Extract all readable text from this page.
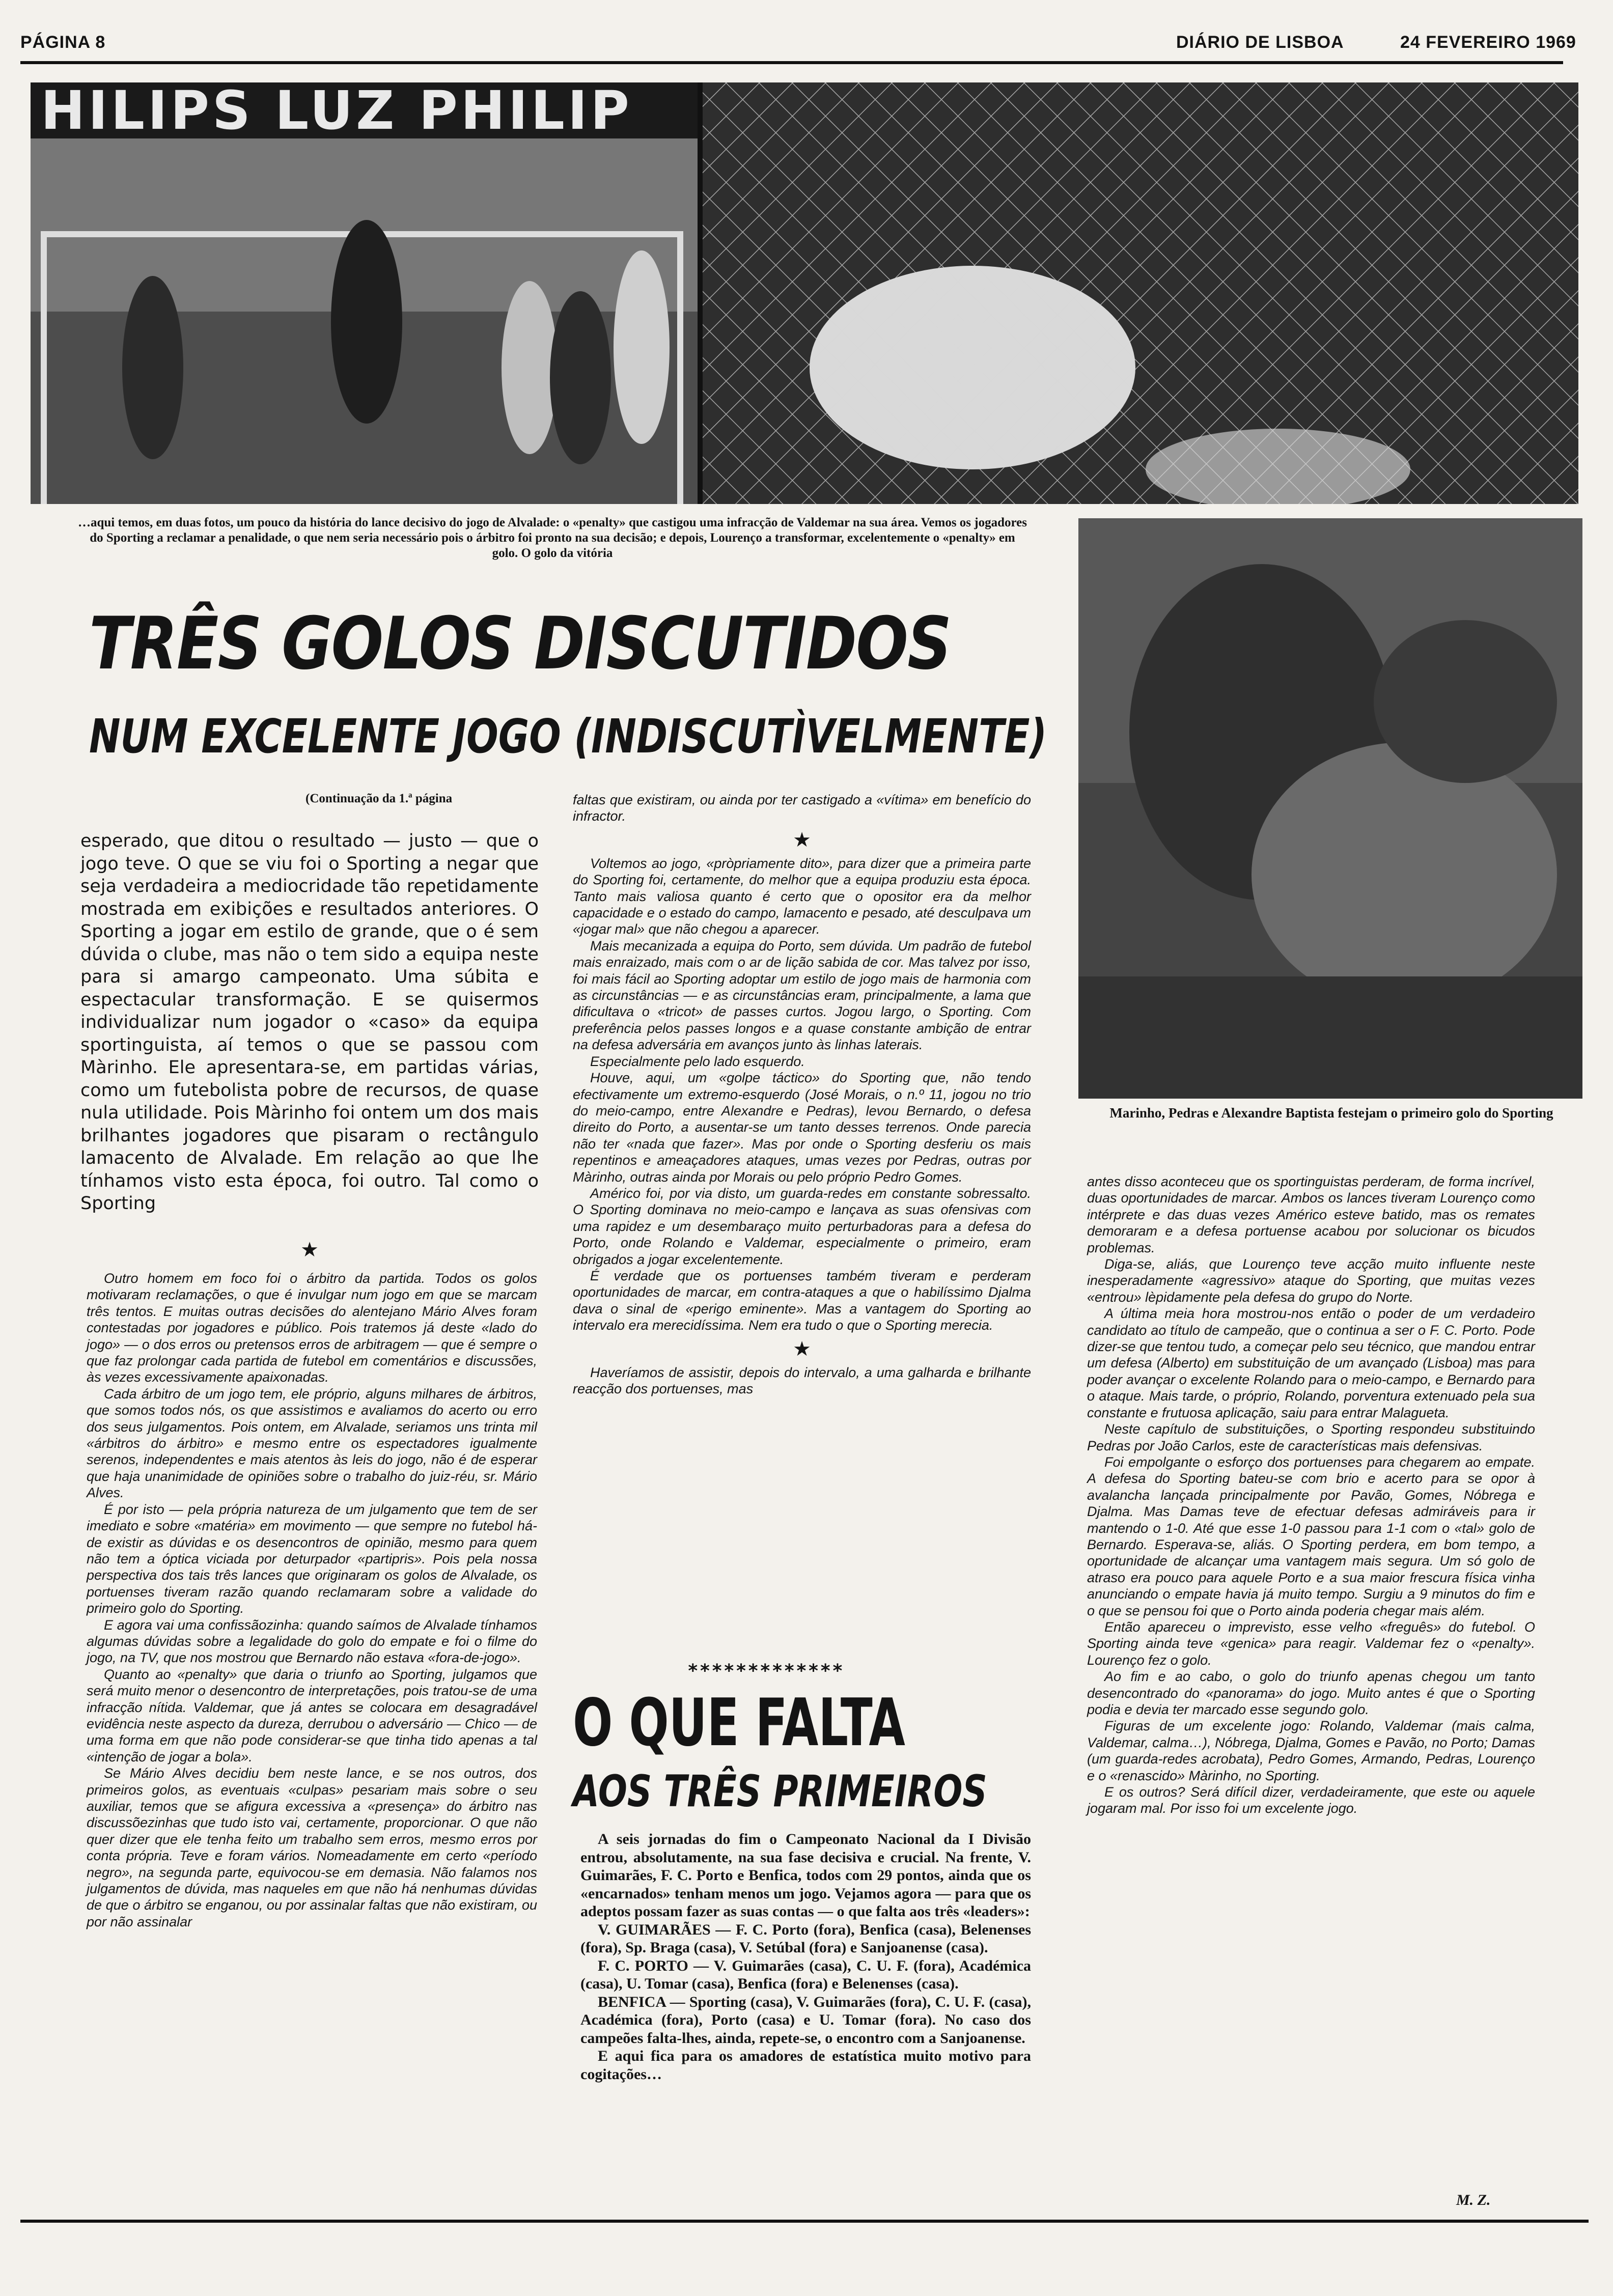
PÁGINA 8	DIÁRIO DE LISBOA	24 FEVEREIRO 1969
HILIPS LUZ PHILIP
…aqui temos, em duas fotos, um pouco da história do lance decisivo do jogo de Alvalade: o «penalty» que castigou uma infracção de Valdemar na sua área. Vemos os jogadores do Sporting a reclamar a penalidade, o que nem seria necessário pois o árbitro foi pronto na sua decisão; e depois, Lourenço a transformar, excelentemente o «penalty» em golo. O golo da vitória
Marinho, Pedras e Alexandre Baptista festejam o primeiro golo do Sporting
TRÊS GOLOS DISCUTIDOS
NUM EXCELENTE JOGO (INDISCUTÌVELMENTE)
(Continuação da 1.ª página

esperado, que ditou o resultado — justo — que o jogo teve. O que se viu foi o Sporting a negar que seja verdadeira a mediocridade tão repetidamente mostrada em exibições e resultados anteriores. O Sporting a jogar em estilo de grande, que o é sem dúvida o clube, mas não o tem sido a equipa neste para si amargo campeonato. Uma súbita e espectacular transformação. E se quisermos individualizar num jogador o «caso» da equipa sportinguista, aí temos o que se passou com Màrinho. Ele apresentara-se, em partidas várias, como um futebolista pobre de recursos, de quase nula utilidade. Pois Màrinho foi ontem um dos mais brilhantes jogadores que pisaram o rectângulo lamacento de Alvalade. Em relação ao que lhe tínhamos visto esta época, foi outro. Tal como o Sporting

★

Outro homem em foco foi o árbitro da partida. Todos os golos motivaram reclamações, o que é invulgar num jogo em que se marcam três tentos. E muitas outras decisões do alentejano Mário Alves foram contestadas por jogadores e público. Pois tratemos já deste «lado do jogo» — o dos erros ou pretensos erros de arbitragem — que é sempre o que faz prolongar cada partida de futebol em comentários e discussões, às vezes excessivamente apaixonadas.

Cada árbitro de um jogo tem, ele próprio, alguns milhares de árbitros, que somos todos nós, os que assistimos e avaliamos do acerto ou erro dos seus julgamentos. Pois ontem, em Alvalade, seriamos uns trinta mil «árbitros do árbitro» e mesmo entre os espectadores igualmente serenos, independentes e mais atentos às leis do jogo, não é de esperar que haja unanimidade de opiniões sobre o trabalho do juiz-réu, sr. Mário Alves.

É por isto — pela própria natureza de um julgamento que tem de ser imediato e sobre «matéria» em movimento — que sempre no futebol há-de existir as dúvidas e os desencontros de opinião, mesmo para quem não tem a óptica viciada por deturpador «partipris». Pois pela nossa perspectiva dos tais três lances que originaram os golos de Alvalade, os portuenses tiveram razão quando reclamaram sobre a validade do primeiro golo do Sporting.

E agora vai uma confissãozinha: quando saímos de Alvalade tínhamos algumas dúvidas sobre a legalidade do golo do empate e foi o filme do jogo, na TV, que nos mostrou que Bernardo não estava «fora-de-jogo».

Quanto ao «penalty» que daria o triunfo ao Sporting, julgamos que será muito menor o desencontro de interpretações, pois tratou-se de uma infracção nítida. Valdemar, que já antes se colocara em desagradável evidência neste aspecto da dureza, derrubou o adversário — Chico — de uma forma em que não pode considerar-se que tinha tido apenas a tal «intenção de jogar a bola».

Se Mário Alves decidiu bem neste lance, e se nos outros, dos primeiros golos, as eventuais «culpas» pesariam mais sobre o seu auxiliar, temos que se afigura excessiva a «presença» do árbitro nas discussõezinhas que tudo isto vai, certamente, proporcionar. O que não quer dizer que ele tenha feito um trabalho sem erros, mesmo erros por conta própria. Teve e foram vários. Nomeadamente em certo «período negro», na segunda parte, equivocou-se em demasia. Não falamos nos julgamentos de dúvida, mas naqueles em que não há nenhumas dúvidas de que o árbitro se enganou, ou por assinalar faltas que não existiram, ou por não assinalar

faltas que existiram, ou ainda por ter castigado a «vítima» em benefício do infractor.

★

Voltemos ao jogo, «pròpriamente dito», para dizer que a primeira parte do Sporting foi, certamente, do melhor que a equipa produziu esta época. Tanto mais valiosa quanto é certo que o opositor era da melhor capacidade e o estado do campo, lamacento e pesado, até desculpava um «jogar mal» que não chegou a aparecer.

Mais mecanizada a equipa do Porto, sem dúvida. Um padrão de futebol mais enraizado, mais com o ar de lição sabida de cor. Mas talvez por isso, foi mais fácil ao Sporting adoptar um estilo de jogo mais de harmonia com as circunstâncias — e as circunstâncias eram, principalmente, a lama que dificultava o «tricot» de passes curtos. Jogou largo, o Sporting. Com preferência pelos passes longos e a quase constante ambição de entrar na defesa adversária em avanços junto às linhas laterais.

Especialmente pelo lado esquerdo.

Houve, aqui, um «golpe táctico» do Sporting que, não tendo efectivamente um extremo-esquerdo (José Morais, o n.º 11, jogou no trio do meio-campo, entre Alexandre e Pedras), levou Bernardo, o defesa direito do Porto, a ausentar-se um tanto desses terrenos. Onde parecia não ter «nada que fazer». Mas por onde o Sporting desferiu os mais repentinos e ameaçadores ataques, umas vezes por Pedras, outras por Màrinho, outras ainda por Morais ou pelo próprio Pedro Gomes.

Américo foi, por via disto, um guarda-redes em constante sobressalto. O Sporting dominava no meio-campo e lançava as suas ofensivas com uma rapidez e um desembaraço muito perturbadoras para a defesa do Porto, onde Rolando e Valdemar, especialmente o primeiro, eram obrigados a jogar excelentemente.

É verdade que os portuenses também tiveram e perderam oportunidades de marcar, em contra-ataques a que o habilíssimo Djalma dava o sinal de «perigo eminente». Mas a vantagem do Sporting ao intervalo era merecidíssima. Nem era tudo o que o Sporting merecia.

★

Haveríamos de assistir, depois do intervalo, a uma galharda e brilhante reacção dos portuenses, mas

*************
O QUE FALTA
AOS TRÊS PRIMEIROS

A seis jornadas do fim o Campeonato Nacional da I Divisão entrou, absolutamente, na sua fase decisiva e crucial. Na frente, V. Guimarães, F. C. Porto e Benfica, todos com 29 pontos, ainda que os «encarnados» tenham menos um jogo. Vejamos agora — para que os adeptos possam fazer as suas contas — o que falta aos três «leaders»:

V. GUIMARÃES — F. C. Porto (fora), Benfica (casa), Belenenses (fora), Sp. Braga (casa), V. Setúbal (fora) e Sanjoanense (casa).

F. C. PORTO — V. Guimarães (casa), C. U. F. (fora), Académica (casa), U. Tomar (casa), Benfica (fora) e Belenenses (casa).

BENFICA — Sporting (casa), V. Guimarães (fora), C. U. F. (casa), Académica (fora), Porto (casa) e U. Tomar (fora). No caso dos campeões falta-lhes, ainda, repete-se, o encontro com a Sanjoanense.

E aqui fica para os amadores de estatística muito motivo para cogitações…

antes disso aconteceu que os sportinguistas perderam, de forma incrível, duas oportunidades de marcar. Ambos os lances tiveram Lourenço como intérprete e das duas vezes Américo esteve batido, mas os remates demoraram e a defesa portuense acabou por solucionar os bicudos problemas.

Diga-se, aliás, que Lourenço teve acção muito influente neste inesperadamente «agressivo» ataque do Sporting, que muitas vezes «entrou» lèpidamente pela defesa do grupo do Norte.

A última meia hora mostrou-nos então o poder de um verdadeiro candidato ao título de campeão, que o continua a ser o F. C. Porto. Pode dizer-se que tentou tudo, a começar pelo seu técnico, que mandou entrar um defesa (Alberto) em substituição de um avançado (Lisboa) mas para poder avançar o excelente Rolando para o meio-campo, e Bernardo para o ataque. Mais tarde, o próprio, Rolando, porventura extenuado pela sua constante e frutuosa aplicação, saiu para entrar Malagueta.

Neste capítulo de substituições, o Sporting respondeu substituindo Pedras por João Carlos, este de características mais defensivas.

Foi empolgante o esforço dos portuenses para chegarem ao empate. A defesa do Sporting bateu-se com brio e acerto para se opor à avalancha lançada principalmente por Pavão, Gomes, Nóbrega e Djalma. Mas Damas teve de efectuar defesas admiráveis para ir mantendo o 1-0. Até que esse 1-0 passou para 1-1 com o «tal» golo de Bernardo. Esperava-se, aliás. O Sporting perdera, em bom tempo, a oportunidade de alcançar uma vantagem mais segura. Um só golo de atraso era pouco para aquele Porto e a sua maior frescura física vinha anunciando o empate havia já muito tempo. Surgiu a 9 minutos do fim e o que se pensou foi que o Porto ainda poderia chegar mais além.

Então apareceu o imprevisto, esse velho «freguês» do futebol. O Sporting ainda teve «genica» para reagir. Valdemar fez o «penalty». Lourenço fez o golo.

Ao fim e ao cabo, o golo do triunfo apenas chegou um tanto desencontrado do «panorama» do jogo. Muito antes é que o Sporting podia e devia ter marcado esse segundo golo.

Figuras de um excelente jogo: Rolando, Valdemar (mais calma, Valdemar, calma…), Nóbrega, Djalma, Gomes e Pavão, no Porto; Damas (um guarda-redes acrobata), Pedro Gomes, Armando, Pedras, Lourenço e o «renascido» Màrinho, no Sporting.

E os outros? Será difícil dizer, verdadeiramente, que este ou aquele jogaram mal. Por isso foi um excelente jogo.

M. Z.
